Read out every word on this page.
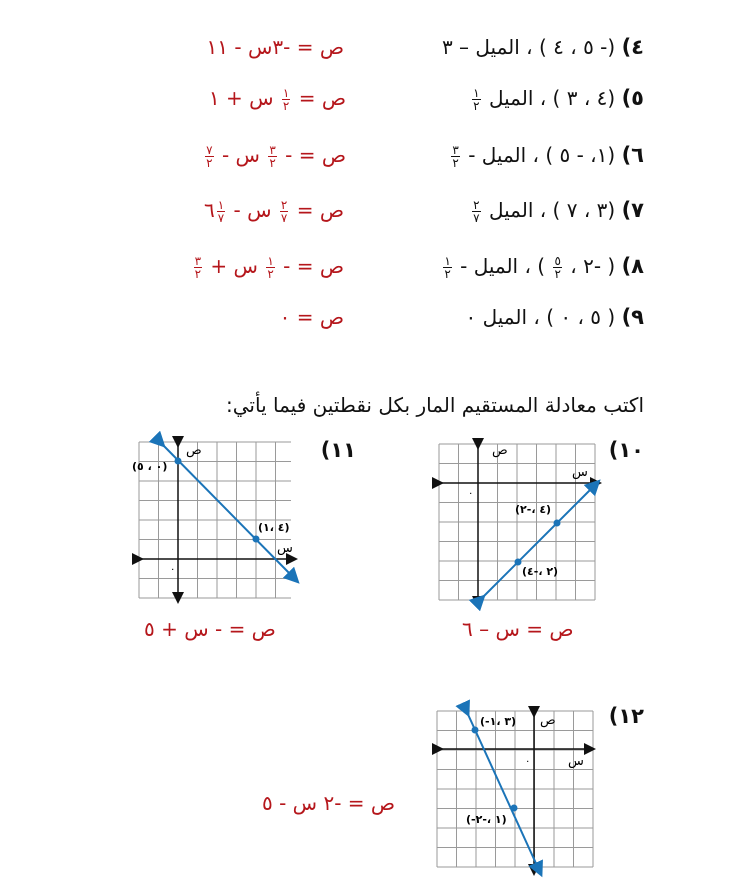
٤) (- ٥ ، ٤ ) ، الميل – ٣
ص = -٣س - ١١
٥) (٤ ، ٣ ) ، الميل
$\frac{١}{٢}$
ص =
$\frac{١}{٢}$
س + ١
٦) (١، - ٥ ) ، الميل -
$\frac{٣}{٢}$
ص = -
$\frac{٣}{٢}$
س -
$\frac{٧}{٢}$
٧) (٣ ، ٧ ) ، الميل
$\frac{٢}{٧}$
ص =
$\frac{٢}{٧}$
س -
$\frac{١}{٧}$
٦
٨) ( -٢ ،
$\frac{٥}{٢}$
) ، الميل -
$\frac{١}{٢}$
ص = -
$\frac{١}{٢}$
س +
$\frac{٣}{٢}$
٩) ( ٥ ، ٠ ) ، الميل ٠
ص = ٠
اكتب معادلة المستقيم المار بكل نقطتين فيما يأتي:
١٠)
ص
س
٠
(٤ ،-٢)
(٢ ،-٤)
ص = س – ٦
١١)
ص
س
٠
(٠ ، ٥)
(٤ ،١)
ص = - س + ٥
١٢)
ص
س
٠
(-٣ ،١)
(-١ ،-٢)
ص = -٢ س - ٥
